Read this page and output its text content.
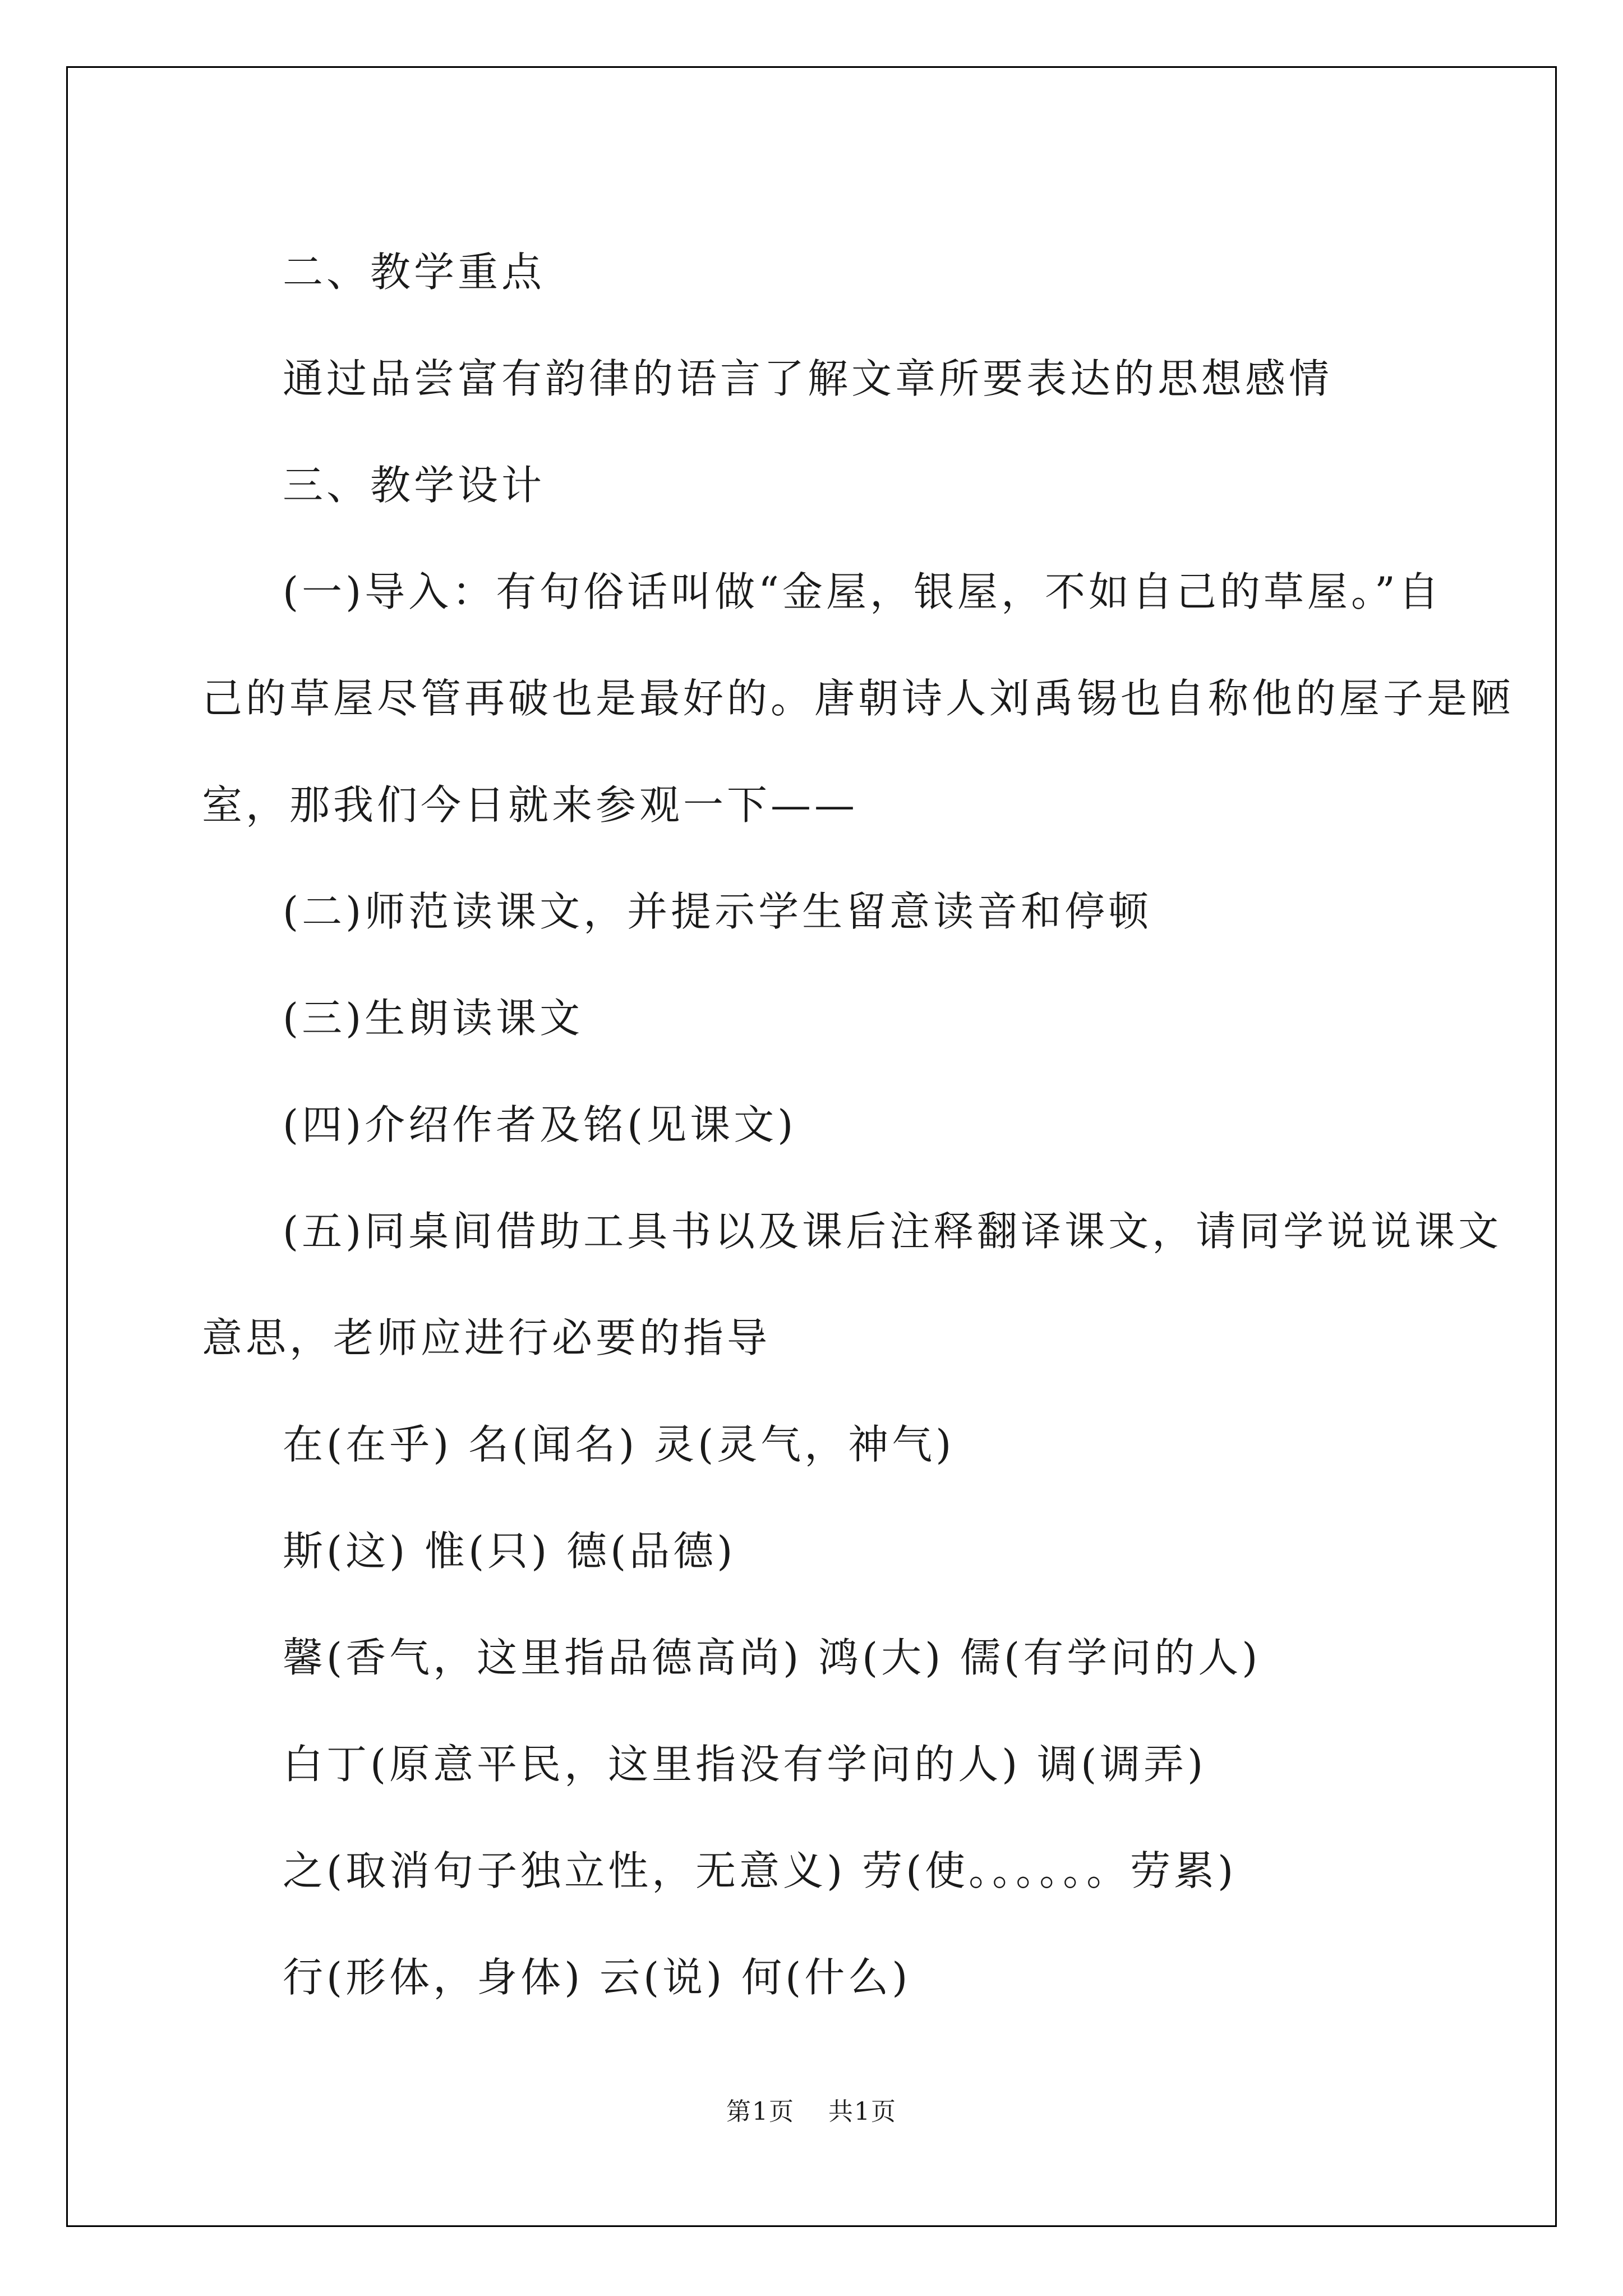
二、教学重点

通过品尝富有韵律的语言了解文章所要表达的思想感情

三、教学设计

(一)导入：有句俗话叫做“金屋，银屋，不如自己的草屋。”自

己的草屋尽管再破也是最好的。唐朝诗人刘禹锡也自称他的屋子是陋

室，那我们今日就来参观一下——

(二)师范读课文，并提示学生留意读音和停顿

(三)生朗读课文

(四)介绍作者及铭(见课文)

(五)同桌间借助工具书以及课后注释翻译课文，请同学说说课文

意思，老师应进行必要的指导

在(在乎) 名(闻名) 灵(灵气，神气)

斯(这) 惟(只) 德(品德)

馨(香气，这里指品德高尚) 鸿(大) 儒(有学问的人)

白丁(原意平民，这里指没有学问的人) 调(调弄)

之(取消句子独立性，无意义) 劳(使。。。。。。劳累)

行(形体，身体) 云(说) 何(什么)

第1页 共1页
